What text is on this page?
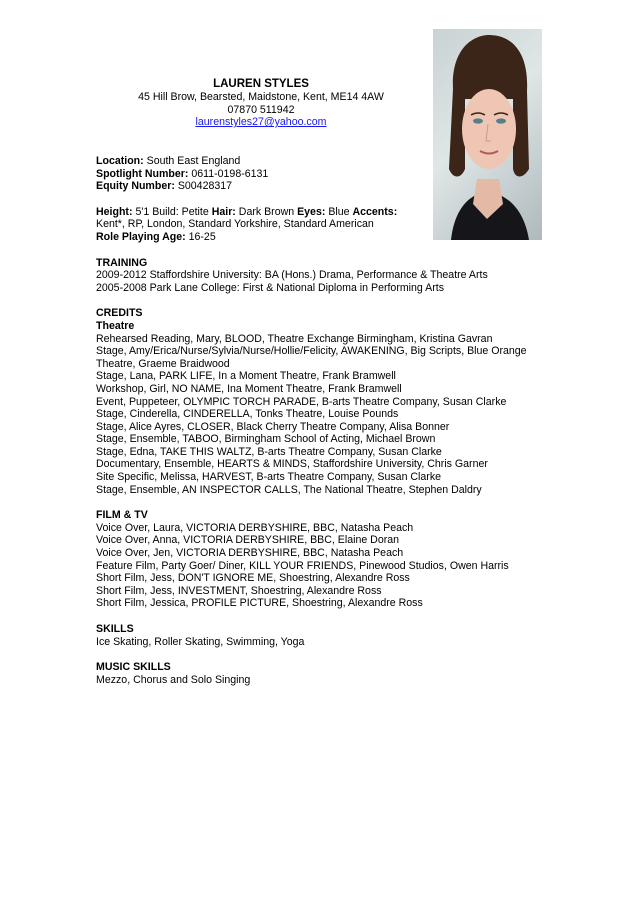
LAUREN STYLES
45 Hill Brow, Bearsted, Maidstone, Kent, ME14 4AW
07870 511942
laurenstyles27@yahoo.com
Location: South East England
Spotlight Number: 0611-0198-6131
Equity Number: S00428317
Height: 5'1 Build: Petite Hair: Dark Brown Eyes: Blue Accents:
Kent*, RP, London, Standard Yorkshire, Standard American
Role Playing Age: 16-25
TRAINING
2009-2012 Staffordshire University: BA (Hons.) Drama, Performance & Theatre Arts
2005-2008 Park Lane College: First & National Diploma in Performing Arts
CREDITS
Theatre
Rehearsed Reading, Mary, BLOOD, Theatre Exchange Birmingham, Kristina Gavran
Stage, Amy/Erica/Nurse/Sylvia/Nurse/Hollie/Felicity, AWAKENING, Big Scripts, Blue Orange
Theatre, Graeme Braidwood
Stage, Lana, PARK LIFE, In a Moment Theatre, Frank Bramwell
Workshop, Girl, NO NAME, Ina Moment Theatre, Frank Bramwell
Event, Puppeteer, OLYMPIC TORCH PARADE, B-arts Theatre Company, Susan Clarke
Stage, Cinderella, CINDERELLA, Tonks Theatre, Louise Pounds
Stage, Alice Ayres, CLOSER, Black Cherry Theatre Company, Alisa Bonner
Stage, Ensemble, TABOO, Birmingham School of Acting, Michael Brown
Stage, Edna, TAKE THIS WALTZ, B-arts Theatre Company, Susan Clarke
Documentary, Ensemble, HEARTS & MINDS, Staffordshire University, Chris Garner
Site Specific, Melissa, HARVEST, B-arts Theatre Company, Susan Clarke
Stage, Ensemble, AN INSPECTOR CALLS, The National Theatre, Stephen Daldry
FILM & TV
Voice Over, Laura, VICTORIA DERBYSHIRE, BBC, Natasha Peach
Voice Over, Anna, VICTORIA DERBYSHIRE, BBC, Elaine Doran
Voice Over, Jen, VICTORIA DERBYSHIRE, BBC, Natasha Peach
Feature Film, Party Goer/ Diner, KILL YOUR FRIENDS, Pinewood Studios, Owen Harris
Short Film, Jess, DON'T IGNORE ME, Shoestring, Alexandre Ross
Short Film, Jess, INVESTMENT, Shoestring, Alexandre Ross
Short Film, Jessica, PROFILE PICTURE, Shoestring, Alexandre Ross
SKILLS
Ice Skating, Roller Skating, Swimming, Yoga
MUSIC SKILLS
Mezzo, Chorus and Solo Singing
